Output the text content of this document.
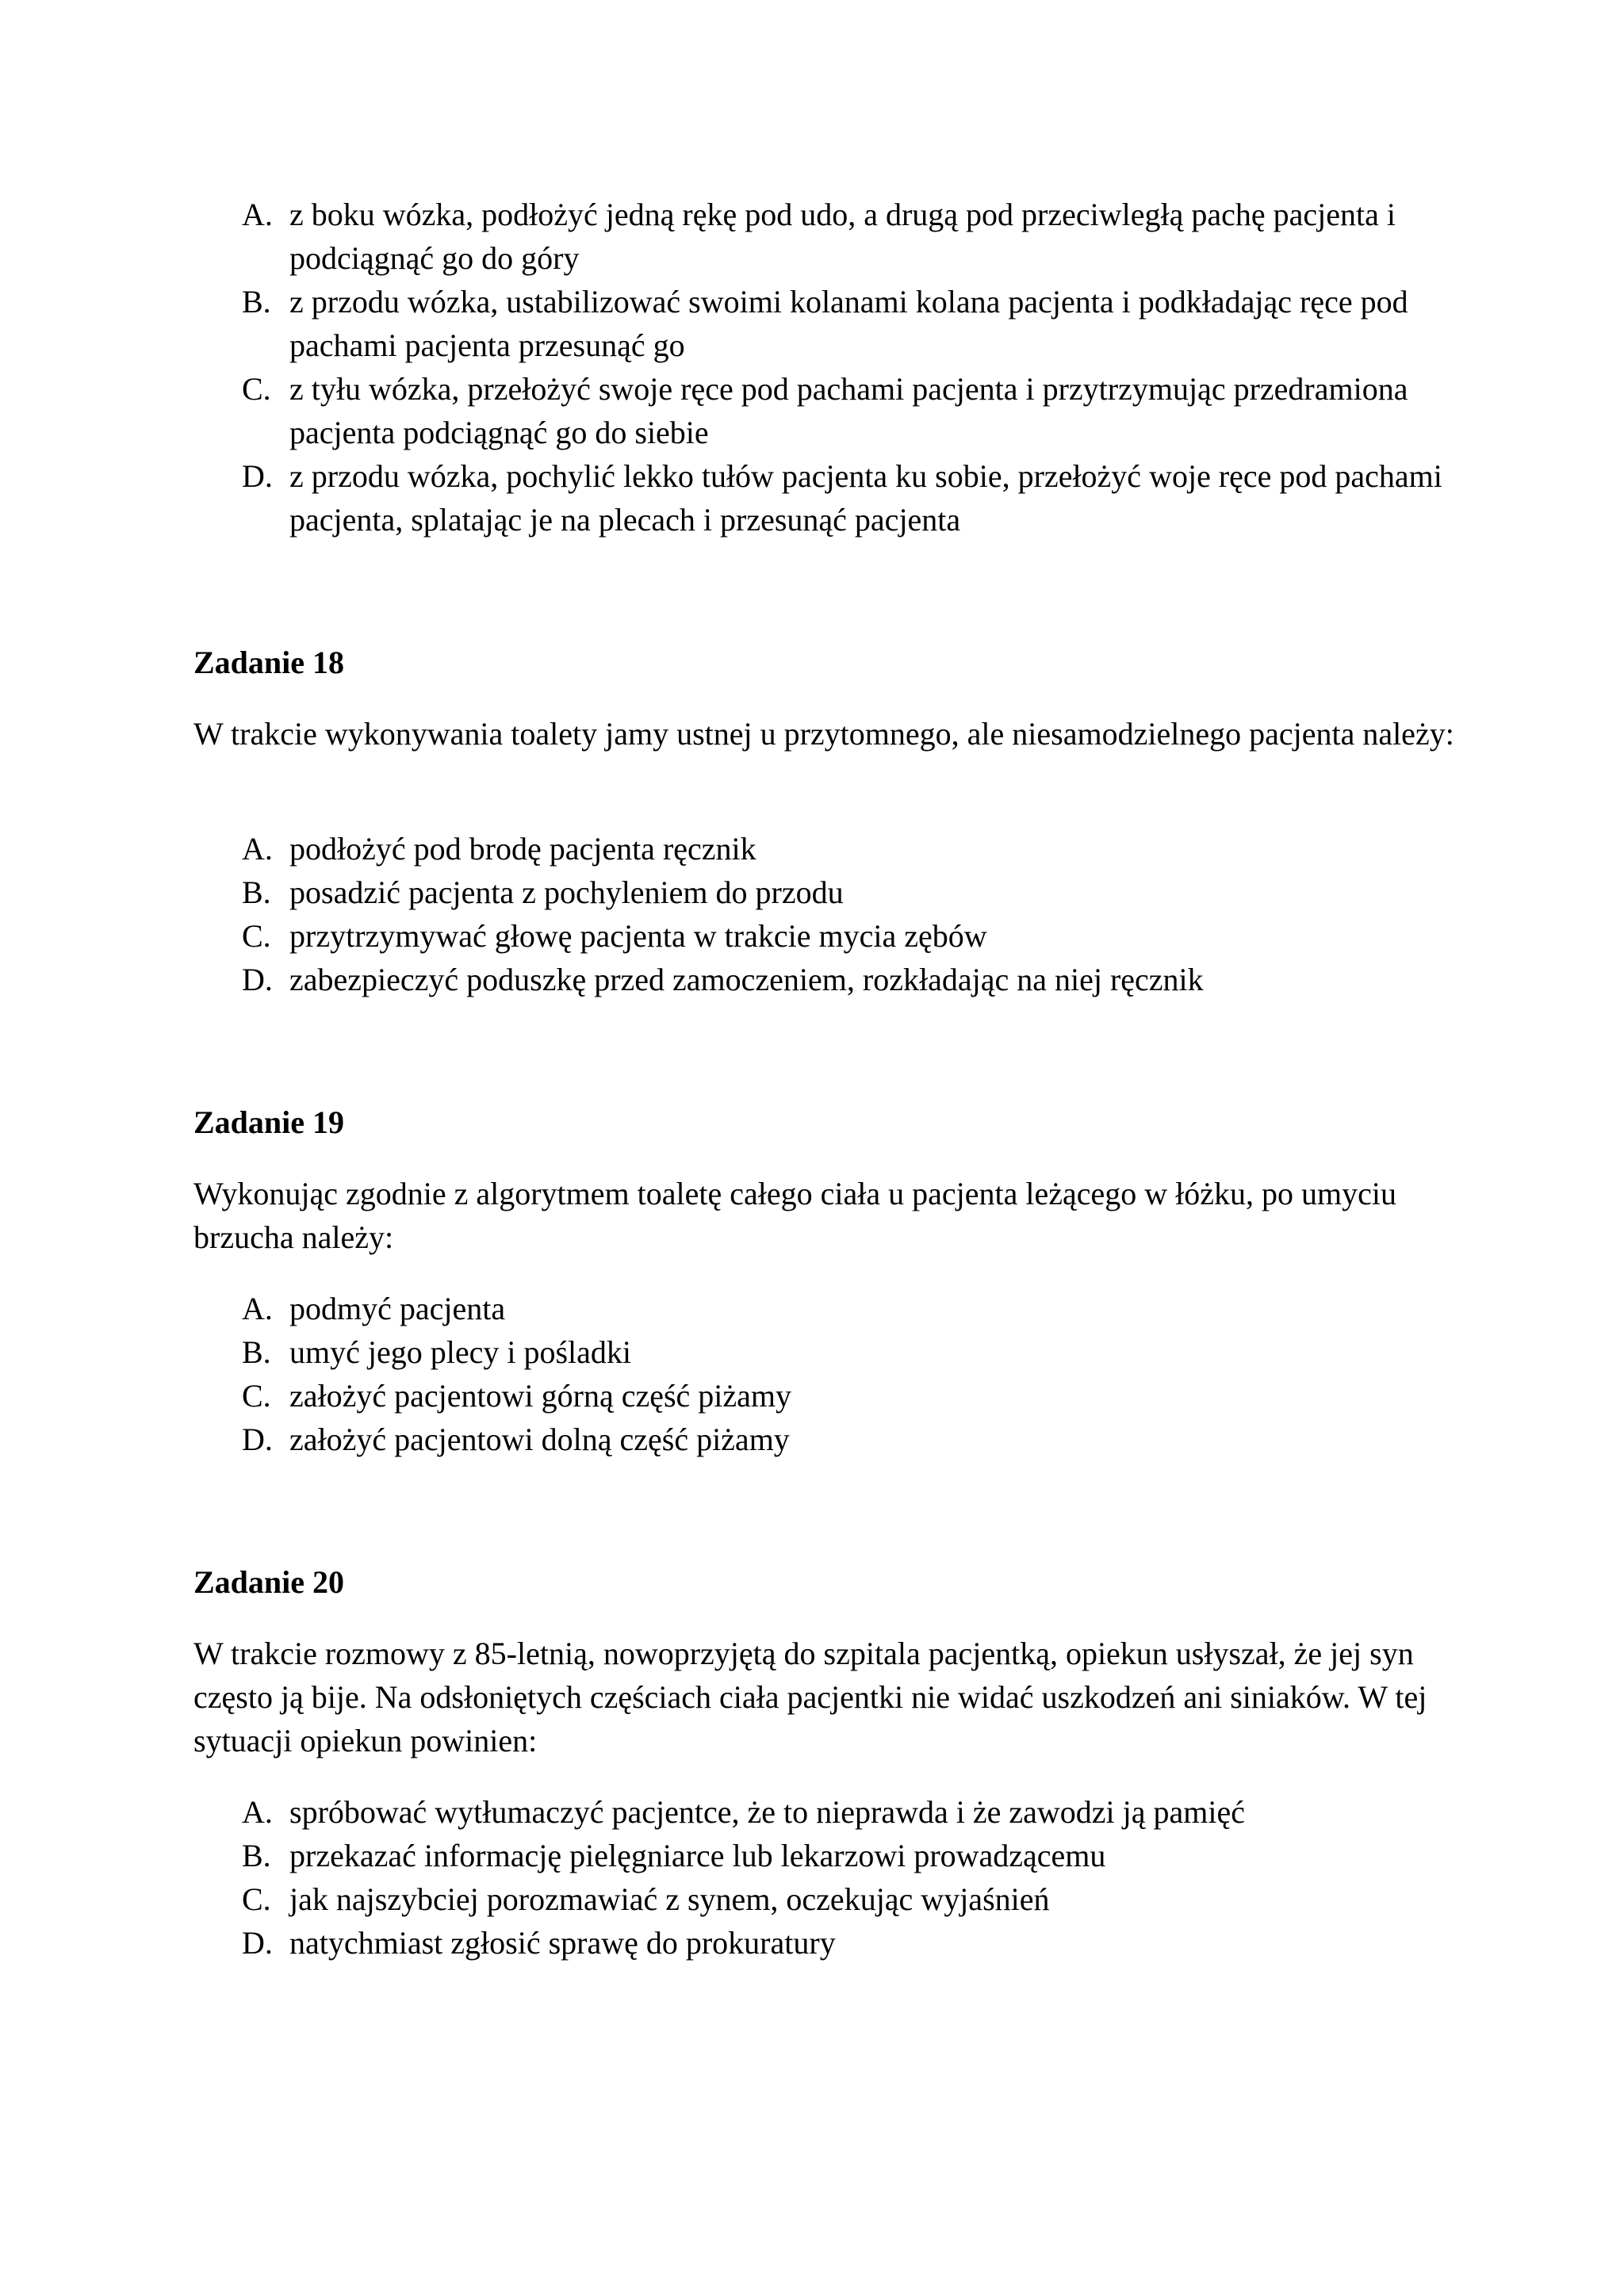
A. z boku wózka, podłożyć jedną rękę pod udo, a drugą pod przeciwległą pachę pacjenta i podciągnąć go do góry
B. z przodu wózka, ustabilizować swoimi kolanami kolana pacjenta i podkładając ręce pod pachami pacjenta przesunąć go
C. z tyłu wózka, przełożyć swoje ręce pod pachami pacjenta i przytrzymując przedramiona pacjenta podciągnąć go do siebie
D. z przodu wózka, pochylić lekko tułów pacjenta ku sobie, przełożyć woje ręce pod pachami pacjenta, splatając je na plecach i przesunąć pacjenta
Zadanie 18
W trakcie wykonywania toalety jamy ustnej u przytomnego, ale niesamodzielnego pacjenta należy:
A. podłożyć pod brodę pacjenta ręcznik
B. posadzić pacjenta z pochyleniem do przodu
C. przytrzymywać głowę pacjenta w trakcie mycia zębów
D. zabezpieczyć poduszkę przed zamoczeniem, rozkładając na niej ręcznik
Zadanie 19
Wykonując zgodnie z algorytmem toaletę całego ciała u pacjenta leżącego w łóżku, po umyciu brzucha należy:
A. podmyć pacjenta
B. umyć jego plecy i pośladki
C. założyć pacjentowi górną część piżamy
D. założyć pacjentowi dolną część piżamy
Zadanie 20
W trakcie rozmowy z 85-letnią, nowoprzyjętą do szpitala pacjentką, opiekun usłyszał, że jej syn często ją bije. Na odsłoniętych częściach ciała pacjentki nie widać uszkodzeń ani siniaków. W tej sytuacji opiekun powinien:
A. spróbować wytłumaczyć pacjentce, że to nieprawda i że zawodzi ją pamięć
B. przekazać informację pielęgniarce lub lekarzowi prowadzącemu
C. jak najszybciej porozmawiać z synem, oczekując wyjaśnień
D. natychmiast zgłosić sprawę do prokuratury
